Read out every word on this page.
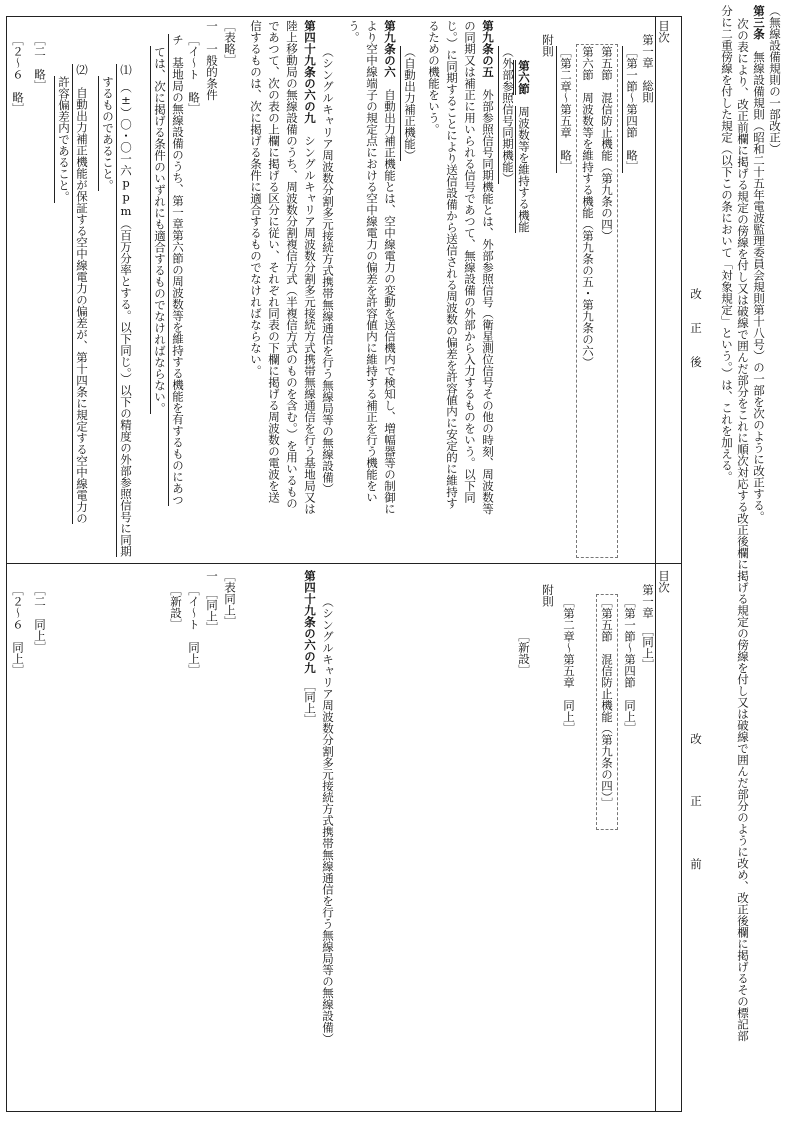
（無線設備規則の一部改正）
第三条　無線設備規則（昭和二十五年電波監理委員会規則第十八号）の一部を次のように改正する。
次の表により、改正前欄に掲げる規定の傍線を付し又は破線で囲んだ部分をこれに順次対応する改正後欄に掲げる規定の傍線を付し又は破線で囲んだ部分のように改め、改正後欄に掲げるその標記部
分に二重傍線を付した規定（以下この条において「対象規定」という。）は、これを加える。
改
正
後
改
正
前
目次
第一章　総則
［第一節～第四節　略］
第五節　混信防止機能（第九条の四）
第六節　周波数等を維持する機能（第九条の五・第九条の六）
［第二章～第五章　略］
附則
第六節　周波数等を維持する機能
（外部参照信号同期機能）
第九条の五　外部参照信号同期機能とは、外部参照信号（衛星測位信号その他の時刻、周波数等
の同期又は補正に用いられる信号であつて、無線設備の外部から入力するものをいう。以下同
じ。）に同期することにより送信設備から送信される周波数の偏差を許容値内に安定的に維持す
るための機能をいう。
（自動出力補正機能）
第九条の六　自動出力補正機能とは、空中線電力の変動を送信機内で検知し、増幅器等の制御に
より空中線端子の規定点における空中線電力の偏差を許容値内に維持する補正を行う機能をい
う。
（シングルキャリア周波数分割多元接続方式携帯無線通信を行う無線局等の無線設備）
第四十九条の六の九　シングルキャリア周波数分割多元接続方式携帯無線通信を行う基地局又は
陸上移動局の無線設備のうち、周波数分割複信方式（半複信方式のものを含む。）を用いるもの
であつて、次の表の上欄に掲げる区分に従い、それぞれ同表の下欄に掲げる周波数の電波を送
信するものは、次に掲げる条件に適合するものでなければならない。
［表略］
一　一般的条件
［イ～ト　略］
チ　基地局の無線設備のうち、第一章第六節の周波数等を維持する機能を有するものにあつ
ては、次に掲げる条件のいずれにも適合するものでなければならない。
⑴　（±）〇・〇一六ppm（百万分率とする。以下同じ。）以下の精度の外部参照信号に同期
するものであること。
⑵　自動出力補正機能が保証する空中線電力の偏差が、第十四条に規定する空中線電力の
許容偏差内であること。
［二　略］
［２～６　略］
目次
第一章　［同上］
［第一節～第四節　同上］
［第五節　混信防止機能（第九条の四）］
［第二章～第五章　同上］
附則
［新設］
（シングルキャリア周波数分割多元接続方式携帯無線通信を行う無線局等の無線設備）
第四十九条の六の九　［同上］
［表同上］
一　［同上］
［イ～ト　同上］
［新設］
［二　同上］
［２～６　同上］
